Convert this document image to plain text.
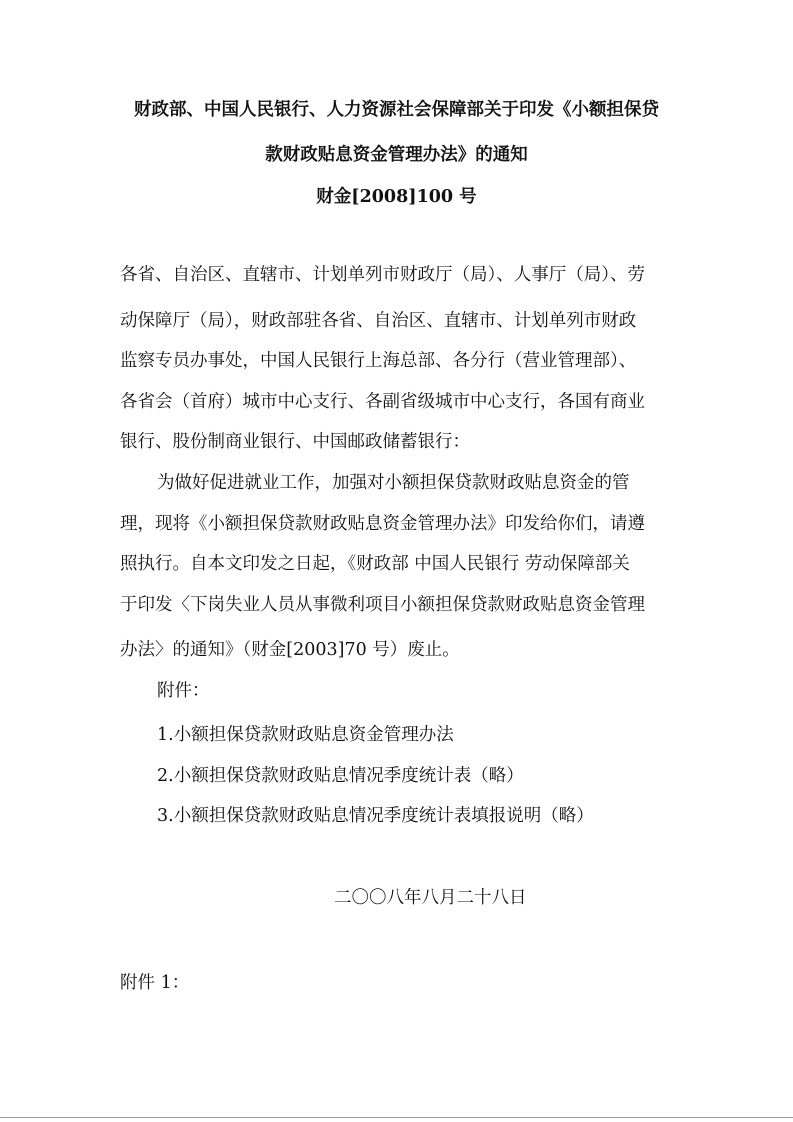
财政部、中国人民银行、人力资源社会保障部关于印发《小额担保贷
款财政贴息资金管理办法》的通知
财金[2008]100 号
各省、自治区、直辖市、计划单列市财政厅（局）、人事厅（局）、劳
动保障厅（局），财政部驻各省、自治区、直辖市、计划单列市财政
监察专员办事处，中国人民银行上海总部、各分行（营业管理部）、
各省会（首府）城市中心支行、各副省级城市中心支行，各国有商业
银行、股份制商业银行、中国邮政储蓄银行：
为做好促进就业工作，加强对小额担保贷款财政贴息资金的管
理，现将《小额担保贷款财政贴息资金管理办法》印发给你们，请遵
照执行。自本文印发之日起，《财政部 中国人民银行 劳动保障部关
于印发〈下岗失业人员从事微利项目小额担保贷款财政贴息资金管理
办法〉的通知》（财金[2003]70 号）废止。
附件：
1.小额担保贷款财政贴息资金管理办法
2.小额担保贷款财政贴息情况季度统计表（略）
3.小额担保贷款财政贴息情况季度统计表填报说明（略）
二〇〇八年八月二十八日
附件 1：
